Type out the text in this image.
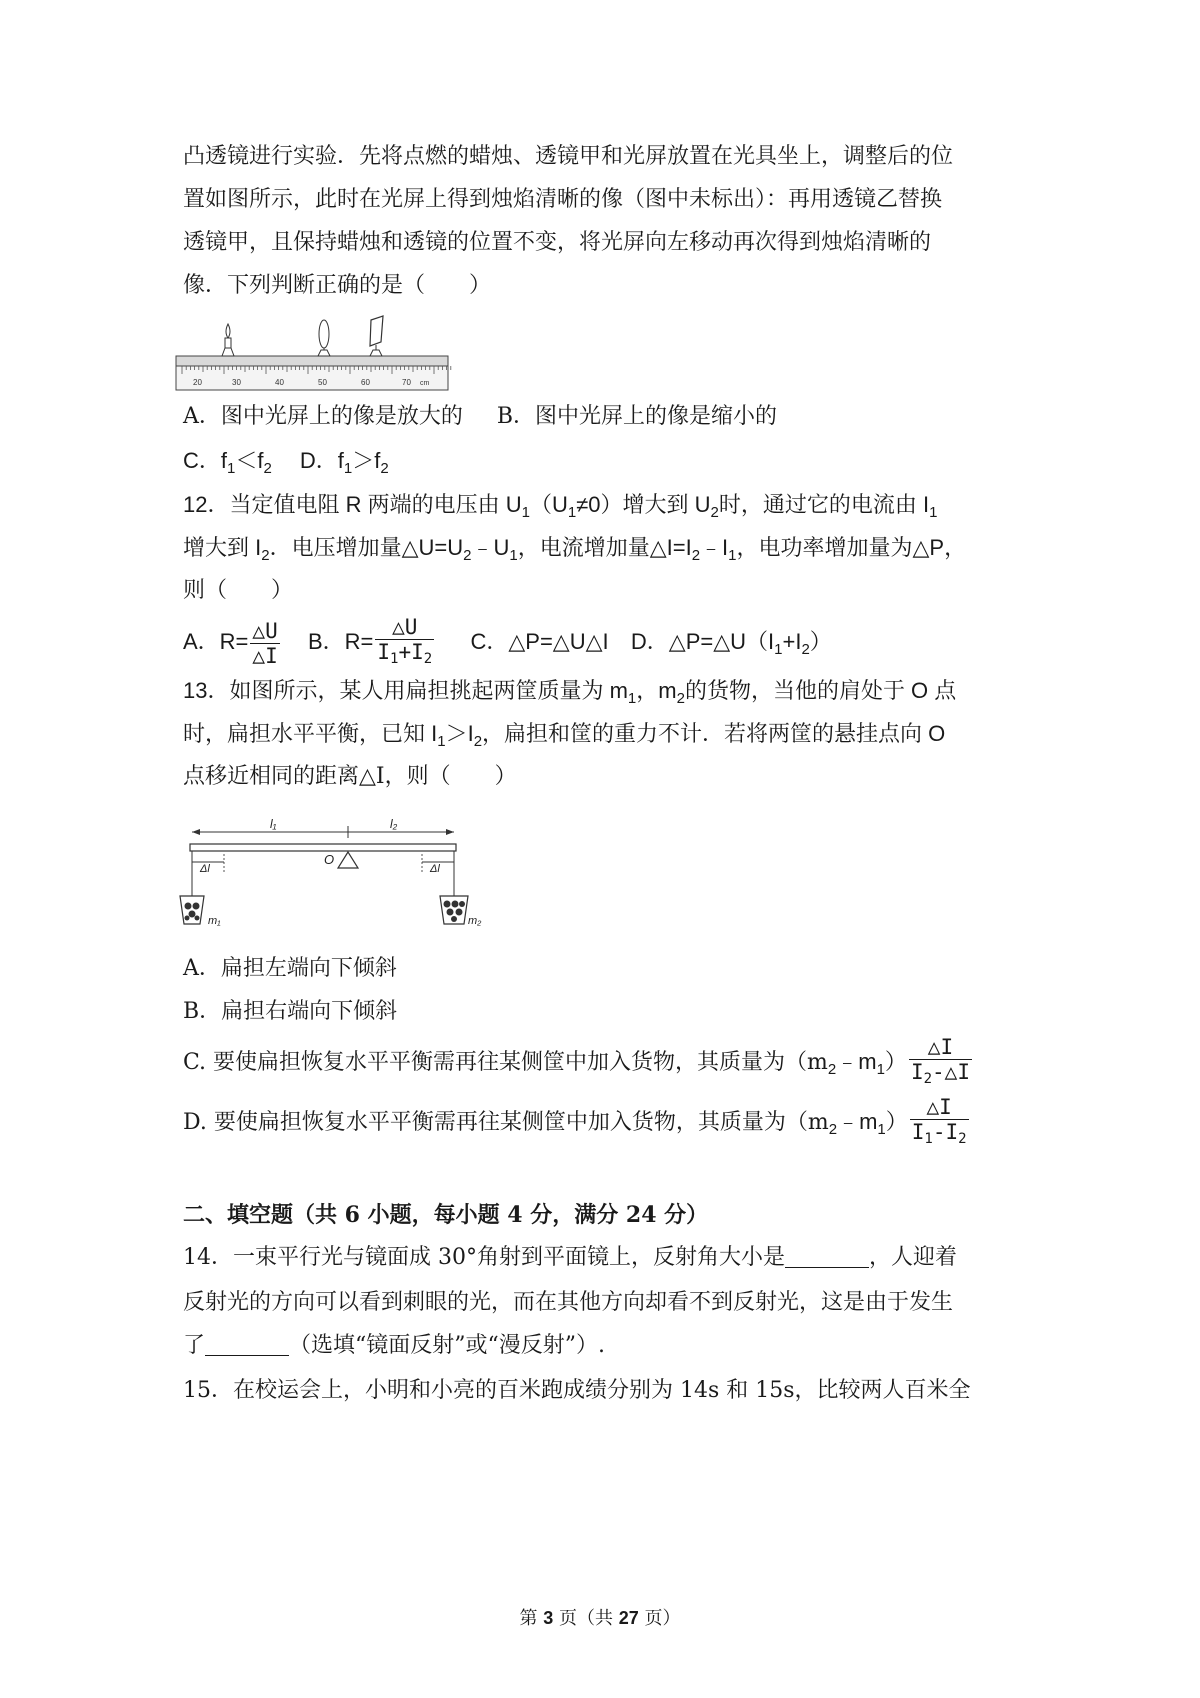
凸透镜进行实验．先将点燃的蜡烛、透镜甲和光屏放置在光具坐上，调整后的位
置如图所示，此时在光屏上得到烛焰清晰的像（图中未标出）：再用透镜乙替换
透镜甲，且保持蜡烛和透镜的位置不变，将光屏向左移动再次得到烛焰清晰的
像．下列判断正确的是（　　）
20	30	40	50	60	70 cm
A．图中光屏上的像是放大的 B．图中光屏上的像是缩小的
C．$f_1<f_2$ D．$f_1>f_2$
12．当定值电阻 R 两端的电压由 $U_1(U_1\ne 0)$增大到 $U_2$时，通过它的电流由 $I_1$
增大到 $I_2$．电压增加量$\triangle U=U_2﹣U_1$，电流增加量$\triangle I=I_2﹣I_1$，电功率增加量为△P，
则（　　）
A．$R= \frac{\triangle U}{\triangle I}$ B．$R= \frac{\triangle U}{I_1+I_2}$ C．△P=△U△I D．$\triangle P=\triangle U(I_1+I_2)$
13．如图所示，某人用扁担挑起两筐质量为 $m_1$，$m_2$的货物，当他的肩处于 O 点
时，扁担水平平衡，已知 $I_1>I_2$，扁担和筐的重力不计．若将两筐的悬挂点向 O
点移近相同的距离△I，则（　　）
l₁	l₂
O
Δl	Δl
m₁	m₂
A．扁担左端向下倾斜
B．扁担右端向下倾斜
C. 要使扁担恢复水平平衡需再往某侧筐中加入货物，其质量为$(m_2﹣m_1) \frac{\triangle I}{I_2-\triangle I}$
D. 要使扁担恢复水平平衡需再往某侧筐中加入货物，其质量为$(m_2﹣m_1) \frac{\triangle I}{I_1-I_2}$
二、填空题（共 6 小题，每小题 4 分，满分 24 分）
14．一束平行光与镜面成 30°角射到平面镜上，反射角大小是	，人迎着
反射光的方向可以看到刺眼的光，而在其他方向却看不到反射光，这是由于发生
了	（选填“镜面反射”或“漫反射”）.
15．在校运会上，小明和小亮的百米跑成绩分别为 14s 和 15s，比较两人百米全
第 3 页（共 27 页）
